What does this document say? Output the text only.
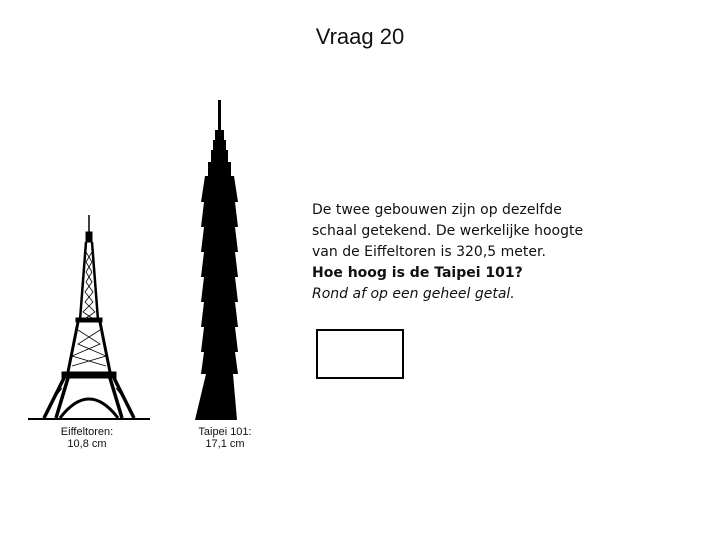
Vraag 20
Eiffeltoren:
10,8 cm
Taipei 101:
17,1 cm
De twee gebouwen zijn op dezelfde schaal getekend. De werkelijke hoogte van de Eiffeltoren is 320,5 meter.
Hoe hoog is de Taipei 101?
Rond af op een geheel getal.
